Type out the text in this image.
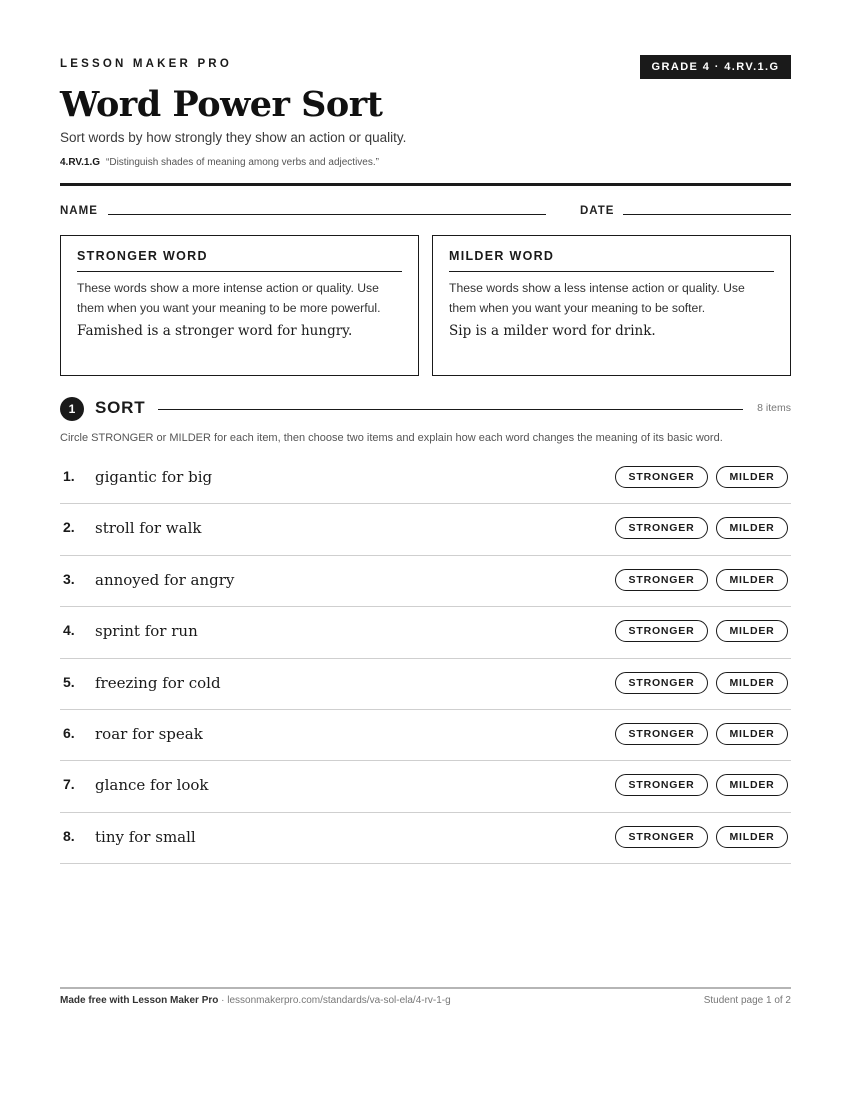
LESSON MAKER PRO	GRADE 4 · 4.RV.1.G
Word Power Sort
Sort words by how strongly they show an action or quality.
4.RV.1.G “Distinguish shades of meaning among verbs and adjectives.”
NAME	DATE
STRONGER WORD
These words show a more intense action or quality. Use them when you want your meaning to be more powerful.
Famished is a stronger word for hungry.
MILDER WORD
These words show a less intense action or quality. Use them when you want your meaning to be softer.
Sip is a milder word for drink.
1	SORT	8 items
Circle STRONGER or MILDER for each item, then choose two items and explain how each word changes the meaning of its basic word.
1. gigantic for big	STRONGER	MILDER
2. stroll for walk	STRONGER	MILDER
3. annoyed for angry	STRONGER	MILDER
4. sprint for run	STRONGER	MILDER
5. freezing for cold	STRONGER	MILDER
6. roar for speak	STRONGER	MILDER
7. glance for look	STRONGER	MILDER
8. tiny for small	STRONGER	MILDER
Made free with Lesson Maker Pro · lessonmakerpro.com/standards/va-sol-ela/4-rv-1-g	Student page 1 of 2
